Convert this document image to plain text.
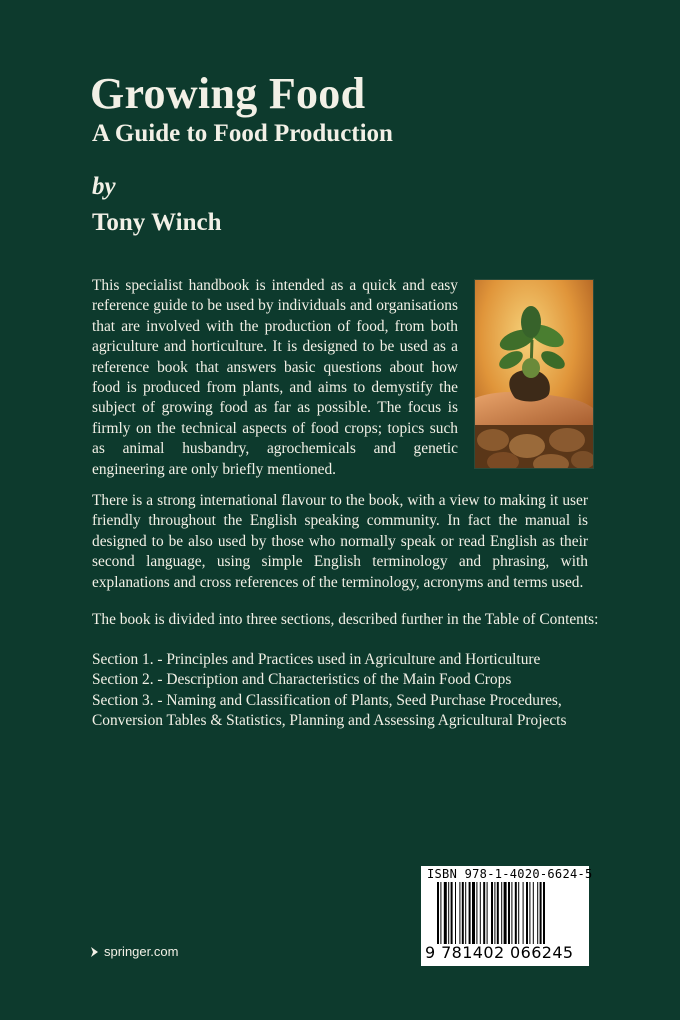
Growing Food
A Guide to Food Production
by
Tony Winch

This specialist handbook is intended as a quick and easy reference guide to be used by individuals and organisations that are involved with the production of food, from both agriculture and horticulture. It is designed to be used as a reference book that answers basic questions about how food is produced from plants, and aims to demystify the subject of growing food as far as possible. The focus is firmly on the technical aspects of food crops; topics such as animal husbandry, agrochemicals and genetic engineering are only briefly mentioned.

There is a strong international flavour to the book, with a view to making it user friendly throughout the English speaking community. In fact the manual is designed to be also used by those who normally speak or read English as their second language, using simple English terminology and phrasing, with explanations and cross references of the terminology, acronyms and terms used.

The book is divided into three sections, described further in the Table of Contents:

Section 1. - Principles and Practices used in Agriculture and Horticulture
Section 2. - Description and Characteristics of the Main Food Crops
Section 3. - Naming and Classification of Plants, Seed Purchase Procedures,
Conversion Tables & Statistics, Planning and Assessing Agricultural Projects
ISBN 978-1-4020-6624-5
9 781402 066245
springer.com
